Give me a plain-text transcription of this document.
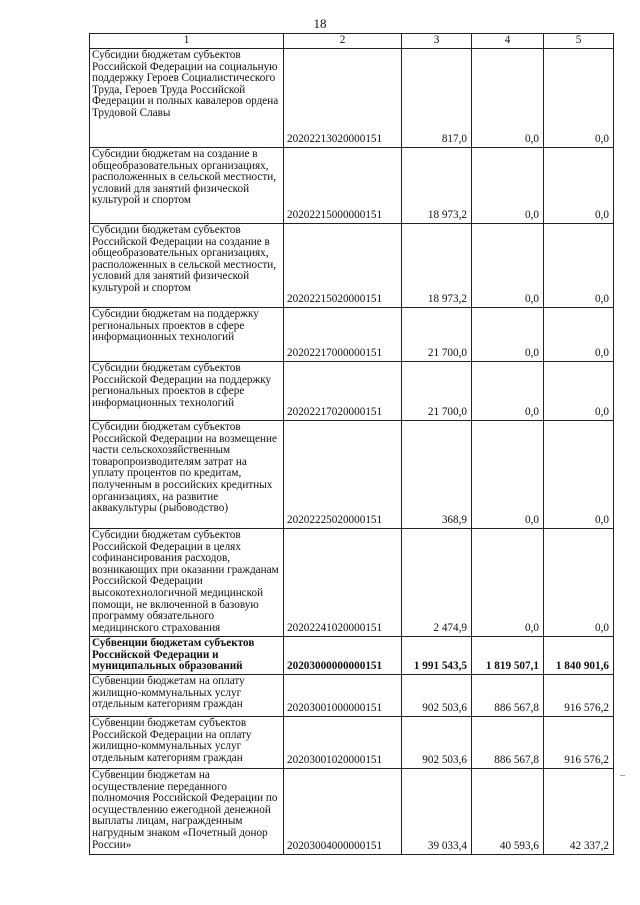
18
1	2	3	4	5
Субсидии бюджетам субъектов Российской Федерации на социальную поддержку Героев Социалистического Труда, Героев Труда Российской Федерации и полных кавалеров ордена Трудовой Славы	20202213020000151	817,0	0,0	0,0
Субсидии бюджетам на создание в общеобразовательных организациях, расположенных в сельской местности, условий для занятий физической культурой и спортом	20202215000000151	18 973,2	0,0	0,0
Субсидии бюджетам субъектов Российской Федерации на создание в общеобразовательных организациях, расположенных в сельской местности, условий для занятий физической культурой и спортом	20202215020000151	18 973,2	0,0	0,0
Субсидии бюджетам на поддержку региональных проектов в сфере информационных технологий	20202217000000151	21 700,0	0,0	0,0
Субсидии бюджетам субъектов Российской Федерации на поддержку региональных проектов в сфере информационных технологий	20202217020000151	21 700,0	0,0	0,0
Субсидии бюджетам субъектов Российской Федерации на возмещение части сельскохозяйственным товаропроизводителям затрат на уплату процентов по кредитам, полученным в российских кредитных организациях, на развитие аквакультуры (рыбоводство)	20202225020000151	368,9	0,0	0,0
Субсидии бюджетам субъектов Российской Федерации в целях софинансирования расходов, возникающих при оказании гражданам Российской Федерации высокотехнологичной медицинской помощи, не включенной в базовую программу обязательного медицинского страхования	20202241020000151	2 474,9	0,0	0,0
Субвенции бюджетам субъектов Российской Федерации и муниципальных образований	20203000000000151	1 991 543,5	1 819 507,1	1 840 901,6
Субвенции бюджетам на оплату жилищно-коммунальных услуг отдельным категориям граждан	20203001000000151	902 503,6	886 567,8	916 576,2
Субвенции бюджетам субъектов Российской Федерации на оплату жилищно-коммунальных услуг отдельным категориям граждан	20203001020000151	902 503,6	886 567,8	916 576,2
Субвенции бюджетам на осуществление переданного полномочия Российской Федерации по осуществлению ежегодной денежной выплаты лицам, награжденным нагрудным знаком «Почетный донор России»	20203004000000151	39 033,4	40 593,6	42 337,2
–
